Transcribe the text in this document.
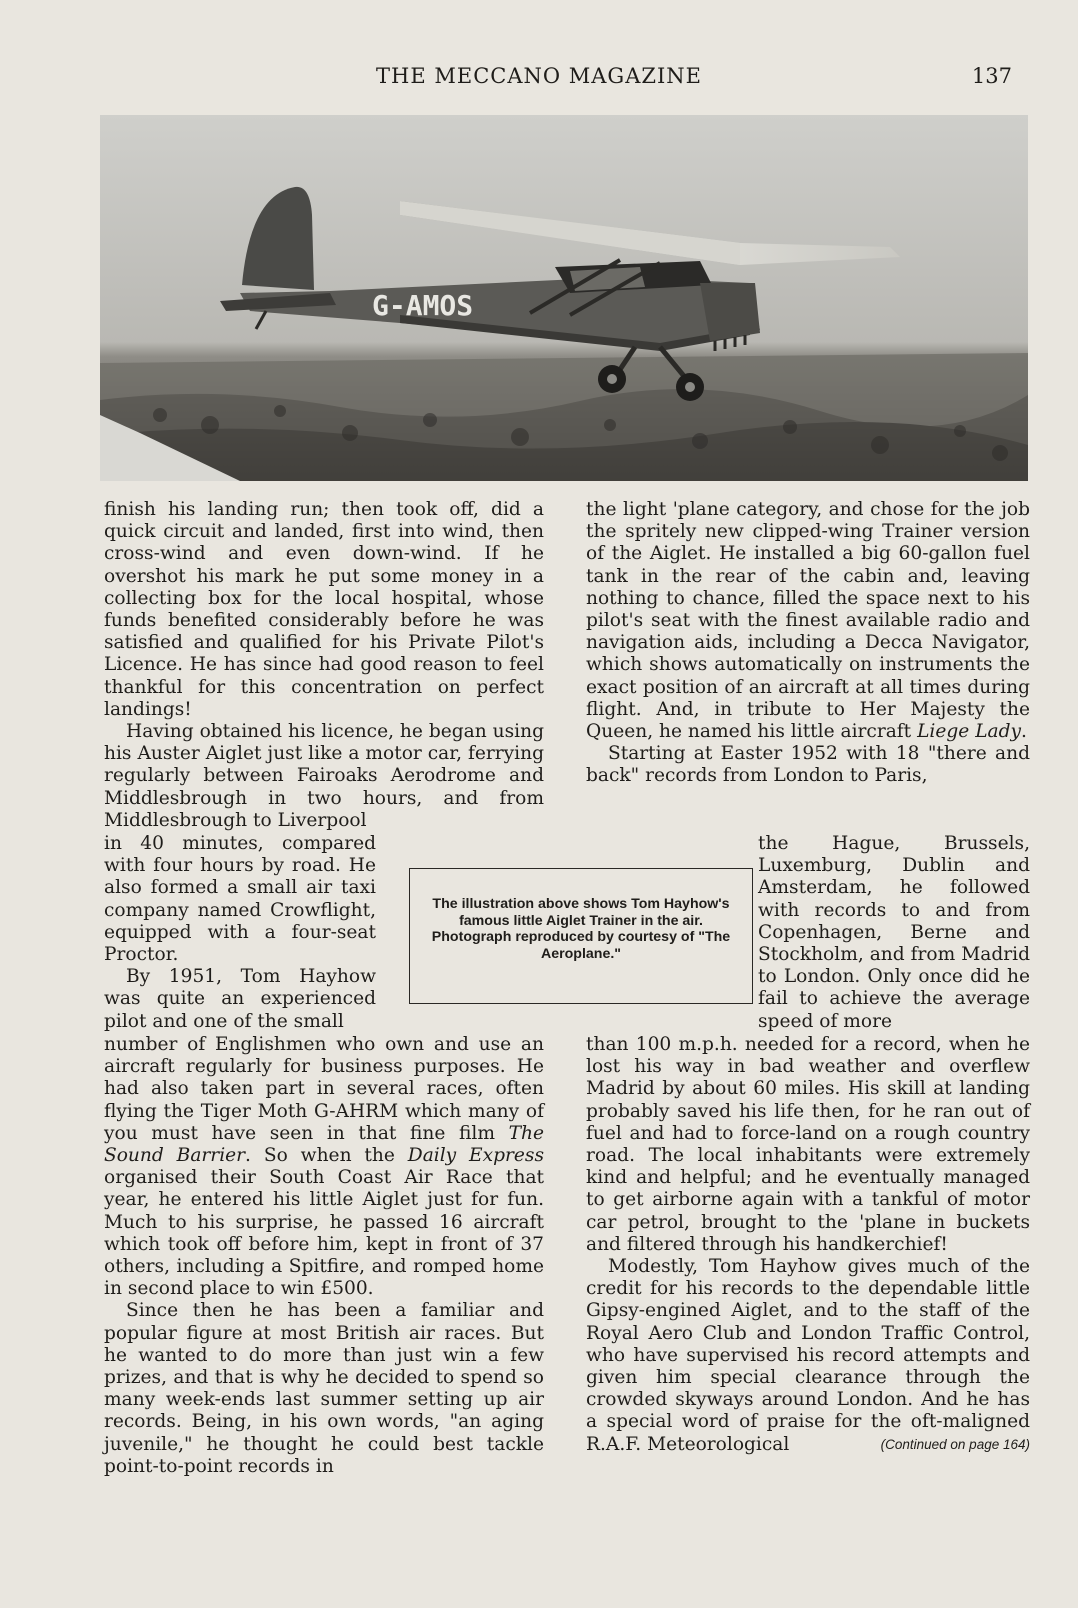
THE MECCANO MAGAZINE	137
G-AMOS

finish his landing run; then took off, did a quick circuit and landed, first into wind, then cross-wind and even down-wind. If he overshot his mark he put some money in a collecting box for the local hospital, whose funds benefited considerably before he was satisfied and qualified for his Private Pilot's Licence. He has since had good reason to feel thankful for this concentration on perfect landings!

Having obtained his licence, he began using his Auster Aiglet just like a motor car, ferrying regularly between Fairoaks Aerodrome and Middlesbrough in two hours, and from Middlesbrough to Liverpool

in 40 minutes, compared with four hours by road. He also formed a small air taxi company named Crowflight, equipped with a four-seat Proctor.

By 1951, Tom Hayhow was quite an experienced pilot and one of the small

number of Englishmen who own and use an aircraft regularly for business purposes. He had also taken part in several races, often flying the Tiger Moth G-AHRM which many of you must have seen in that fine film The Sound Barrier. So when the Daily Express organised their South Coast Air Race that year, he entered his little Aiglet just for fun. Much to his surprise, he passed 16 aircraft which took off before him, kept in front of 37 others, including a Spitfire, and romped home in second place to win £500.

Since then he has been a familiar and popular figure at most British air races. But he wanted to do more than just win a few prizes, and that is why he decided to spend so many week-ends last summer setting up air records. Being, in his own words, "an aging juvenile," he thought he could best tackle point-to-point records in

The illustration above shows Tom Hayhow's famous little Aiglet Trainer in the air. Photograph reproduced by courtesy of "The Aeroplane."

the light 'plane category, and chose for the job the spritely new clipped-wing Trainer version of the Aiglet. He installed a big 60-gallon fuel tank in the rear of the cabin and, leaving nothing to chance, filled the space next to his pilot's seat with the finest available radio and navigation aids, including a Decca Navigator, which shows automatically on instruments the exact position of an aircraft at all times during flight. And, in tribute to Her Majesty the Queen, he named his little aircraft Liege Lady.

Starting at Easter 1952 with 18 "there and back" records from London to Paris,

the Hague, Brussels, Luxemburg, Dublin and Amsterdam, he followed with records to and from Copenhagen, Berne and Stockholm, and from Madrid to London. Only once did he fail to achieve the average speed of more

than 100 m.p.h. needed for a record, when he lost his way in bad weather and overflew Madrid by about 60 miles. His skill at landing probably saved his life then, for he ran out of fuel and had to force-land on a rough country road. The local inhabitants were extremely kind and helpful; and he eventually managed to get airborne again with a tankful of motor car petrol, brought to the 'plane in buckets and filtered through his handkerchief!

Modestly, Tom Hayhow gives much of the credit for his records to the dependable little Gipsy-engined Aiglet, and to the staff of the Royal Aero Club and London Traffic Control, who have supervised his record attempts and given him special clearance through the crowded skyways around London. And he has a special word of praise for the oft-maligned R.A.F. Meteorological	(Continued on page 164)
